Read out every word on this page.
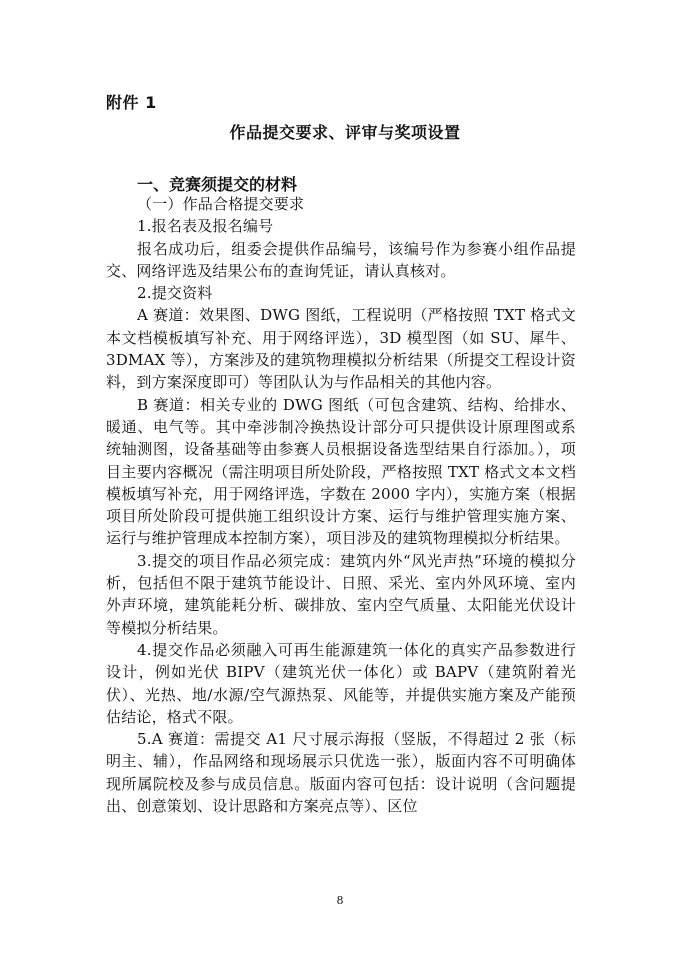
附件 1
作品提交要求、评审与奖项设置
一、竞赛须提交的材料

（一）作品合格提交要求

1.报名表及报名编号

报名成功后，组委会提供作品编号，该编号作为参赛小组作品提交、网络评选及结果公布的查询凭证，请认真核对。

2.提交资料

A 赛道：效果图、DWG 图纸，工程说明（严格按照 TXT 格式文本文档模板填写补充、用于网络评选），3D 模型图（如 SU、犀牛、3DMAX 等），方案涉及的建筑物理模拟分析结果（所提交工程设计资料，到方案深度即可）等团队认为与作品相关的其他内容。

B 赛道：相关专业的 DWG 图纸（可包含建筑、结构、给排水、暖通、电气等。其中牵涉制冷换热设计部分可只提供设计原理图或系统轴测图，设备基础等由参赛人员根据设备选型结果自行添加。），项目主要内容概况（需注明项目所处阶段，严格按照 TXT 格式文本文档模板填写补充，用于网络评选，字数在 2000 字内），实施方案（根据项目所处阶段可提供施工组织设计方案、运行与维护管理实施方案、运行与维护管理成本控制方案），项目涉及的建筑物理模拟分析结果。

3.提交的项目作品必须完成：建筑内外“风光声热”环境的模拟分析，包括但不限于建筑节能设计、日照、采光、室内外风环境、室内外声环境，建筑能耗分析、碳排放、室内空气质量、太阳能光伏设计等模拟分析结果。

4.提交作品必须融入可再生能源建筑一体化的真实产品参数进行设计，例如光伏 BIPV（建筑光伏一体化）或 BAPV（建筑附着光伏）、光热、地/水源/空气源热泵、风能等，并提供实施方案及产能预估结论，格式不限。

5.A 赛道：需提交 A1 尺寸展示海报（竖版，不得超过 2 张（标明主、辅），作品网络和现场展示只优选一张），版面内容不可明确体现所属院校及参与成员信息。版面内容可包括：设计说明（含问题提出、创意策划、设计思路和方案亮点等）、区位

8
